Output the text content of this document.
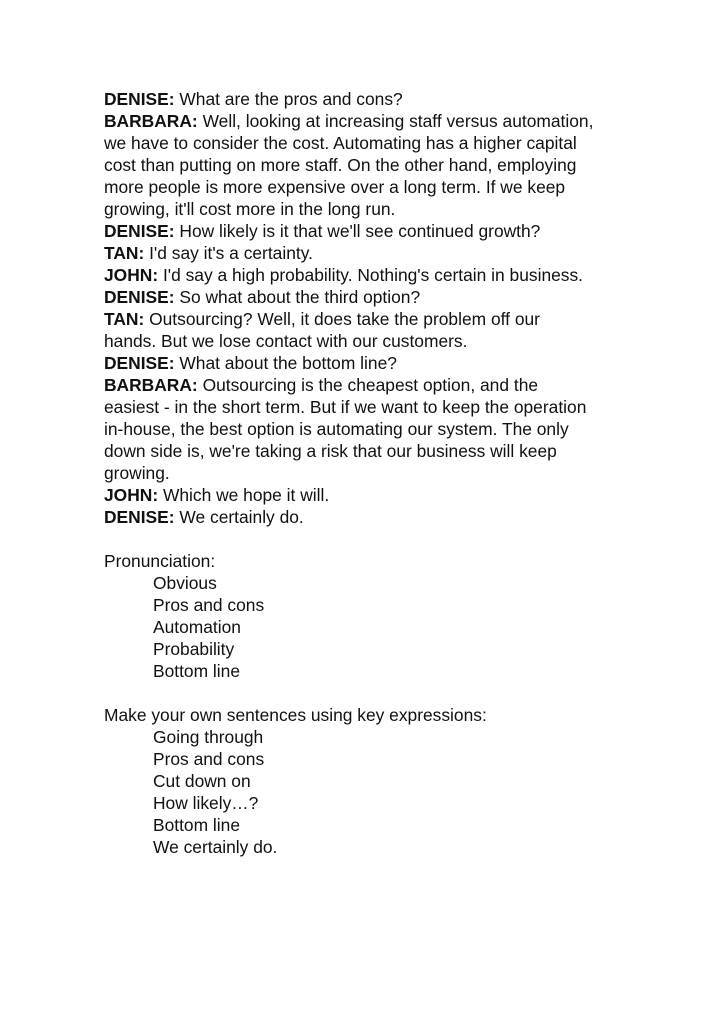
DENISE: What are the pros and cons?
BARBARA: Well, looking at increasing staff versus automation,
we have to consider the cost. Automating has a higher capital
cost than putting on more staff. On the other hand, employing
more people is more expensive over a long term. If we keep
growing, it'll cost more in the long run.
DENISE: How likely is it that we'll see continued growth?
TAN: I'd say it's a certainty.
JOHN: I'd say a high probability. Nothing's certain in business.
DENISE: So what about the third option?
TAN: Outsourcing? Well, it does take the problem off our
hands. But we lose contact with our customers.
DENISE: What about the bottom line?
BARBARA: Outsourcing is the cheapest option, and the
easiest - in the short term. But if we want to keep the operation
in-house, the best option is automating our system. The only
down side is, we're taking a risk that our business will keep
growing.
JOHN: Which we hope it will.
DENISE: We certainly do.
Pronunciation:
Obvious
Pros and cons
Automation
Probability
Bottom line
Make your own sentences using key expressions:
Going through
Pros and cons
Cut down on
How likely…?
Bottom line
We certainly do.
